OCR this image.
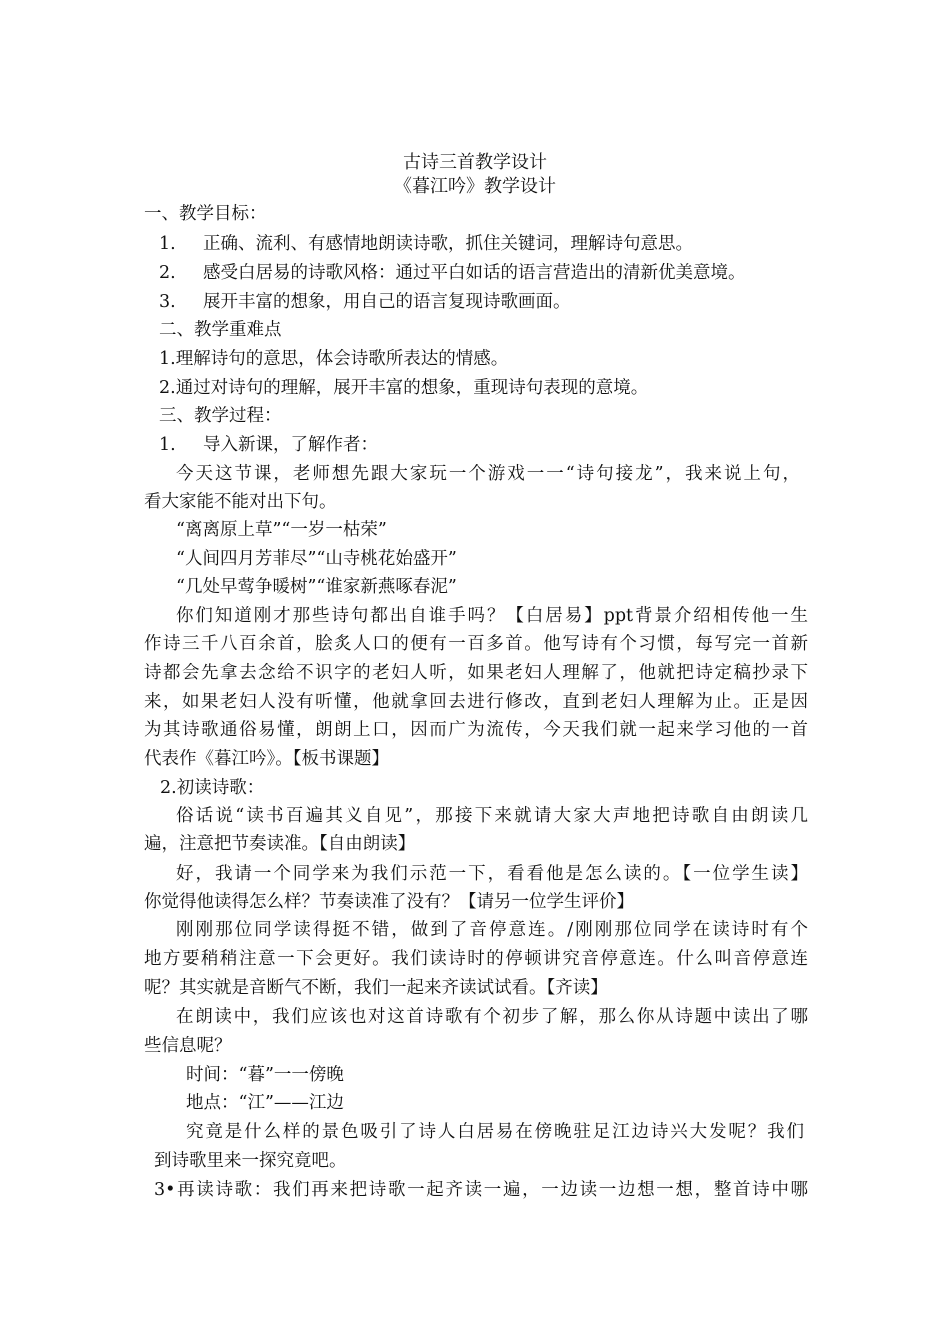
古诗三首教学设计
《暮江吟》教学设计
一、教学目标：
1. 正确、流利、有感情地朗读诗歌，抓住关键词，理解诗句意思。
2. 感受白居易的诗歌风格：通过平白如话的语言营造出的清新优美意境。
3. 展开丰富的想象，用自己的语言复现诗歌画面。
二、教学重难点
1.理解诗句的意思，体会诗歌所表达的情感。
2.通过对诗句的理解，展开丰富的想象，重现诗句表现的意境。
三、教学过程：
1. 导入新课，了解作者：
今天这节课，老师想先跟大家玩一个游戏一一“诗句接龙”，我来说上句，
看大家能不能对出下句。
“离离原上草”“一岁一枯荣”
“人间四月芳菲尽”“山寺桃花始盛开”
“几处早莺争暖树”“谁家新燕啄春泥”
你们知道刚才那些诗句都出自谁手吗？【白居易】ppt背景介绍相传他一生
作诗三千八百余首，脍炙人口的便有一百多首。他写诗有个习惯，每写完一首新
诗都会先拿去念给不识字的老妇人听，如果老妇人理解了，他就把诗定稿抄录下
来，如果老妇人没有听懂，他就拿回去进行修改，直到老妇人理解为止。正是因
为其诗歌通俗易懂，朗朗上口，因而广为流传，今天我们就一起来学习他的一首
代表作《暮江吟》。【板书课题】
2.初读诗歌：
俗话说“读书百遍其义自见”，那接下来就请大家大声地把诗歌自由朗读几
遍，注意把节奏读准。【自由朗读】
好，我请一个同学来为我们示范一下，看看他是怎么读的。【一位学生读】
你觉得他读得怎么样？节奏读准了没有？【请另一位学生评价】
刚刚那位同学读得挺不错，做到了音停意连。/刚刚那位同学在读诗时有个
地方要稍稍注意一下会更好。我们读诗时的停顿讲究音停意连。什么叫音停意连
呢？其实就是音断气不断，我们一起来齐读试试看。【齐读】
在朗读中，我们应该也对这首诗歌有个初步了解，那么你从诗题中读出了哪
些信息呢？
时间：“暮”一一傍晚
地点：“江”——江边
究竟是什么样的景色吸引了诗人白居易在傍晚驻足江边诗兴大发呢？我们
到诗歌里来一探究竟吧。
3•再读诗歌：我们再来把诗歌一起齐读一遍，一边读一边想一想，整首诗中哪
